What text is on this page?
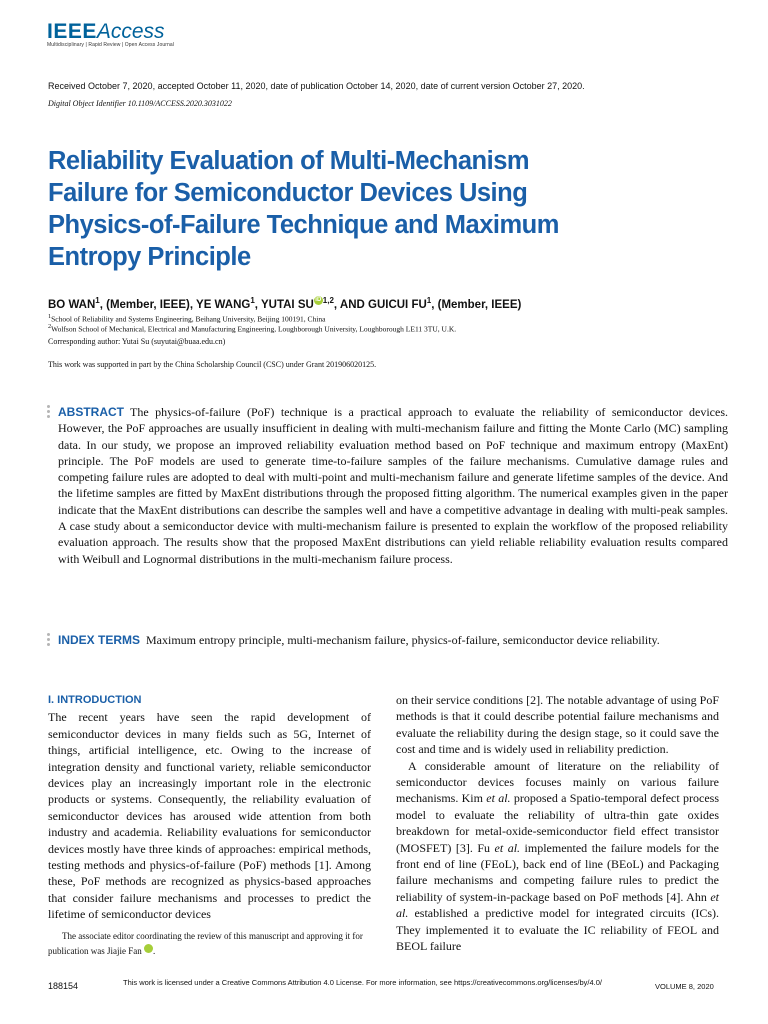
IEEEAccess
Multidisciplinary | Rapid Review | Open Access Journal
Received October 7, 2020, accepted October 11, 2020, date of publication October 14, 2020, date of current version October 27, 2020.
Digital Object Identifier 10.1109/ACCESS.2020.3031022
Reliability Evaluation of Multi-Mechanism Failure for Semiconductor Devices Using Physics-of-Failure Technique and Maximum Entropy Principle
BO WAN$^1$, (Member, IEEE), YE WANG$^1$, YUTAI SU iD $^{1,2}$, AND GUICUI $FU^1$, (Member, IEEE)
$^1$School of Reliability and Systems Engineering, Beihang University, Beijing 100191, China
$^2$Wolfson School of Mechanical, Electrical and Manufacturing Engineering, Loughborough University, Loughborough LE11 3TU, U.K.
Corresponding author: Yutai Su (suyutai@buaa.edu.cn)
This work was supported in part by the China Scholarship Council (CSC) under Grant 201906020125.
ABSTRACT The physics-of-failure (PoF) technique is a practical approach to evaluate the reliability of semiconductor devices. However, the PoF approaches are usually insufficient in dealing with multi-mechanism failure and fitting the Monte Carlo (MC) sampling data. In our study, we propose an improved reliability evaluation method based on PoF technique and maximum entropy (MaxEnt) principle. The PoF models are used to generate time-to-failure samples of the failure mechanisms. Cumulative damage rules and competing failure rules are adopted to deal with multi-point and multi-mechanism failure and generate lifetime samples of the device. And the lifetime samples are fitted by MaxEnt distributions through the proposed fitting algorithm. The numerical examples given in the paper indicate that the MaxEnt distributions can describe the samples well and have a competitive advantage in dealing with multi-peak samples. A case study about a semiconductor device with multi-mechanism failure is presented to explain the workflow of the proposed reliability evaluation approach. The results show that the proposed MaxEnt distributions can yield reliable reliability evaluation results compared with Weibull and Lognormal distributions in the multi-mechanism failure process.
INDEX TERMS Maximum entropy principle, multi-mechanism failure, physics-of-failure, semiconductor device reliability.
I. INTRODUCTION

The recent years have seen the rapid development of semiconductor devices in many fields such as 5G, Internet of things, artificial intelligence, etc. Owing to the increase of integration density and functional variety, reliable semiconductor devices play an increasingly important role in the electronic products or systems. Consequently, the reliability evaluation of semiconductor devices has aroused wide attention from both industry and academia. Reliability evaluations for semiconductor devices mostly have three kinds of approaches: empirical methods, testing methods and physics-of-failure (PoF) methods [1]. Among these, PoF methods are recognized as physics-based approaches that consider failure mechanisms and processes to predict the lifetime of semiconductor devices

The associate editor coordinating the review of this manuscript and approving it for publication was Jiajie Fan	iD.

on their service conditions [2]. The notable advantage of using PoF methods is that it could describe potential failure mechanisms and evaluate the reliability during the design stage, so it could save the cost and time and is widely used in reliability prediction.

A considerable amount of literature on the reliability of semiconductor devices focuses mainly on various failure mechanisms. Kim et al. proposed a Spatio-temporal defect process model to evaluate the reliability of ultra-thin gate oxides breakdown for metal-oxide-semiconductor field effect transistor (MOSFET) [3]. Fu et al. implemented the failure models for the front end of line (FEoL), back end of line (BEoL) and Packaging failure mechanisms and competing failure rules to predict the reliability of system-in-package based on PoF methods [4]. Ahn et al. established a predictive model for integrated circuits (ICs). They implemented it to evaluate the IC reliability of FEOL and BEOL failure

188154	This work is licensed under a Creative Commons Attribution 4.0 License. For more information, see https://creativecommons.org/licenses/by/4.0/	VOLUME 8, 2020
